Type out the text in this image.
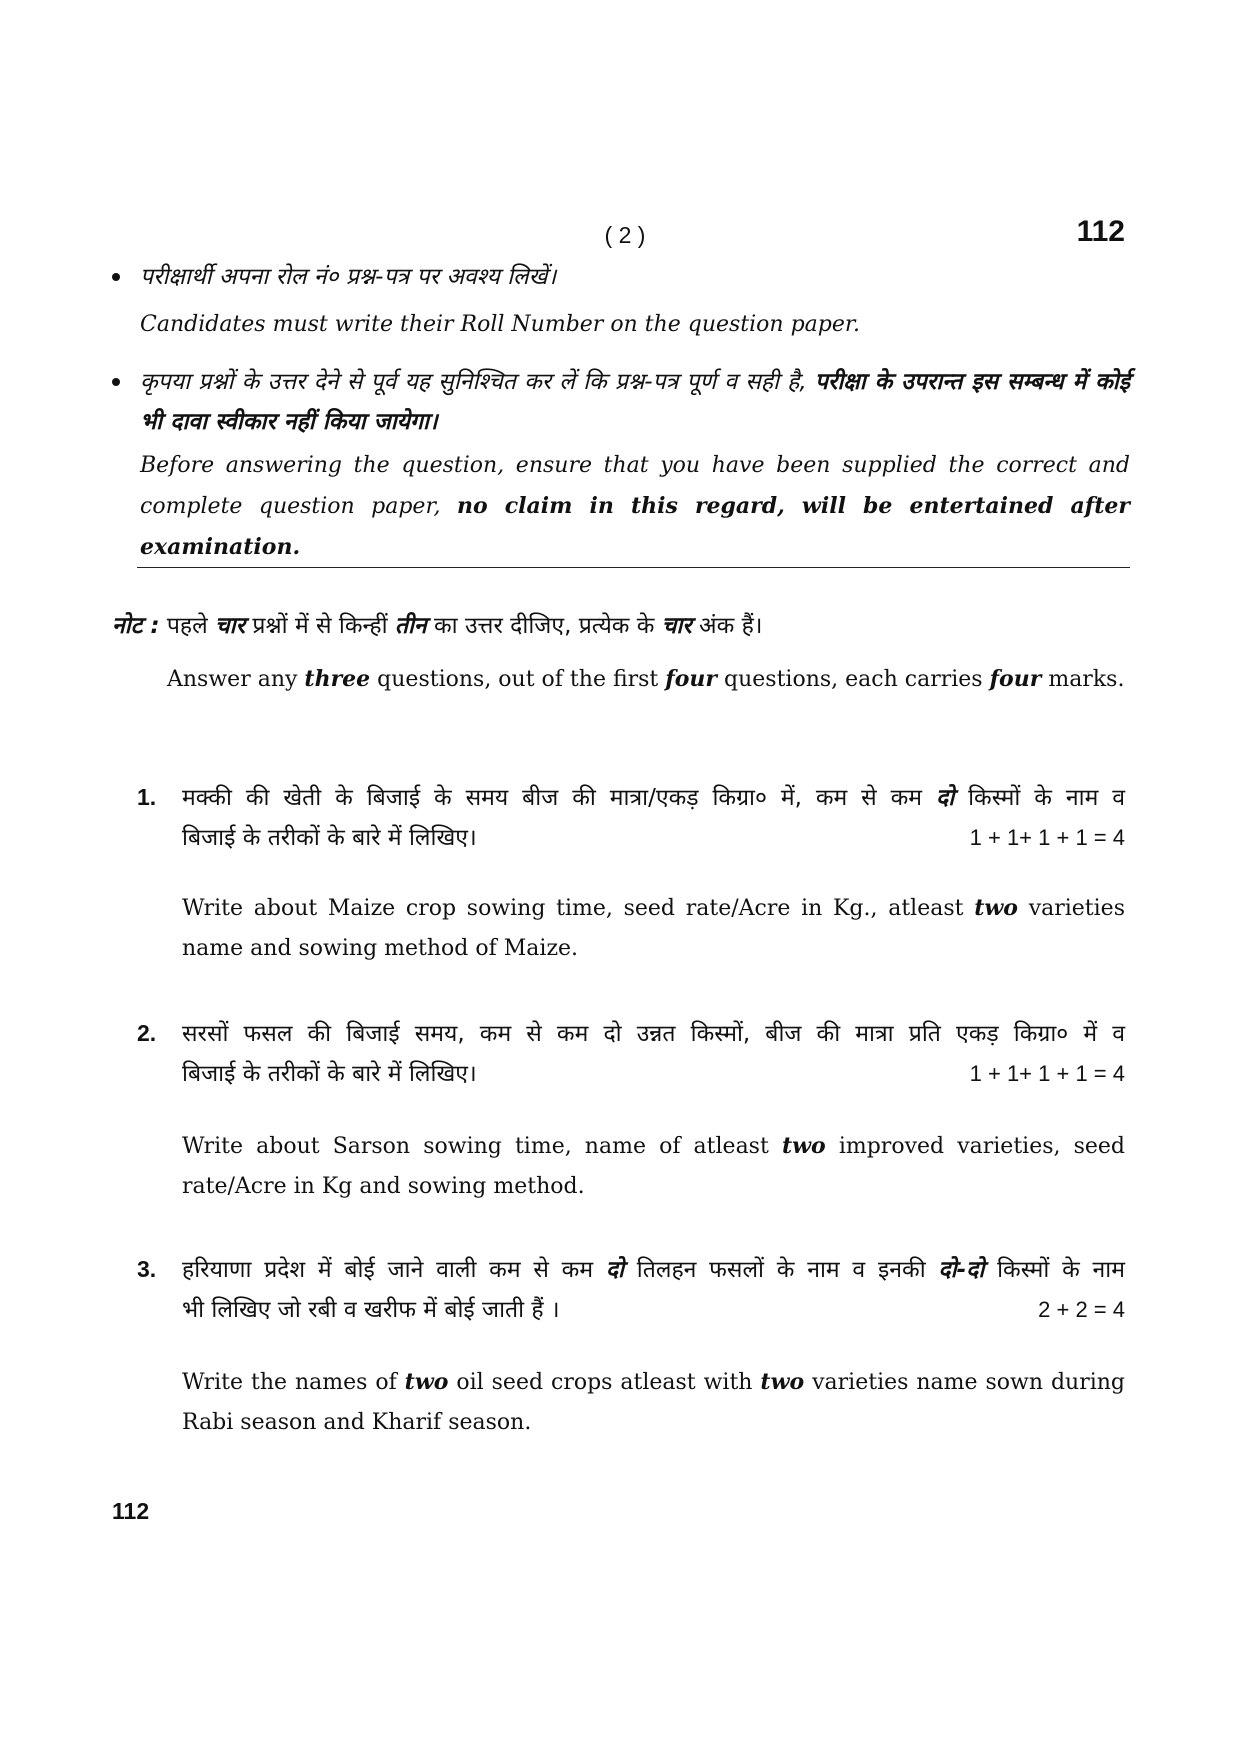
( 2 )	112
परीक्षार्थी अपना रोल नं० प्रश्न-पत्र पर अवश्य लिखें।
Candidates must write their Roll Number on the question paper.
कृपया प्रश्नों के उत्तर देने से पूर्व यह सुनिश्चित कर लें कि प्रश्न-पत्र पूर्ण व सही है, परीक्षा के उपरान्त इस सम्बन्ध में कोई भी दावा स्वीकार नहीं किया जायेगा।
Before answering the question, ensure that you have been supplied the correct and complete question paper, no claim in this regard, will be entertained after examination.
नोट : पहले चार प्रश्नों में से किन्हीं तीन का उत्तर दीजिए, प्रत्येक के चार अंक हैं।
Answer any three questions, out of the first four questions, each carries four marks.
1. मक्की की खेती के बिजाई के समय बीज की मात्रा/एकड़ किग्रा० में, कम से कम दो किस्मों के नाम व
बिजाई के तरीकों के बारे में लिखिए।	1 + 1+ 1 + 1 = 4
Write about Maize crop sowing time, seed rate/Acre in Kg., atleast two varieties name and sowing method of Maize.
2. सरसों फसल की बिजाई समय, कम से कम दो उन्नत किस्मों, बीज की मात्रा प्रति एकड़ किग्रा० में व
बिजाई के तरीकों के बारे में लिखिए।	1 + 1+ 1 + 1 = 4
Write about Sarson sowing time, name of atleast two improved varieties, seed rate/Acre in Kg and sowing method.
3. हरियाणा प्रदेश में बोई जाने वाली कम से कम दो तिलहन फसलों के नाम व इनकी दो-दो किस्मों के नाम
भी लिखिए जो रबी व खरीफ में बोई जाती हैं ।	2 + 2 = 4
Write the names of two oil seed crops atleast with two varieties name sown during Rabi season and Kharif season.
112
